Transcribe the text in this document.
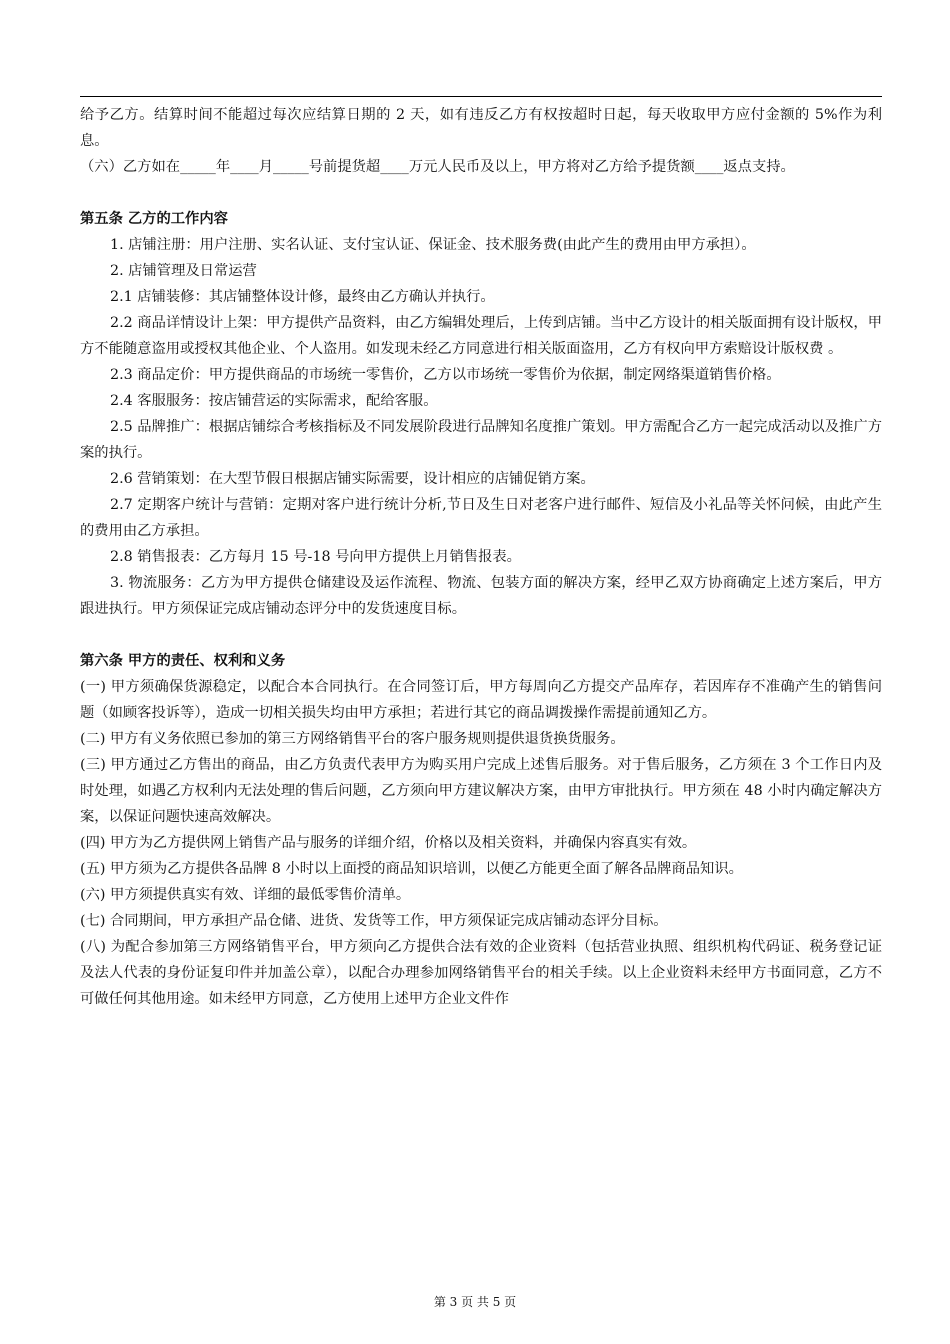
给予乙方。结算时间不能超过每次应结算日期的 2 天，如有违反乙方有权按超时日起，每天收取甲方应付金额的 5%作为利息。

（六）乙方如在_____年____月_____号前提货超____万元人民币及以上，甲方将对乙方给予提货额____返点支持。

第五条 乙方的工作内容

1. 店铺注册：用户注册、实名认证、支付宝认证、保证金、技术服务费(由此产生的费用由甲方承担）。

2. 店铺管理及日常运营

2.1 店铺装修：其店铺整体设计修，最终由乙方确认并执行。

2.2 商品详情设计上架：甲方提供产品资料，由乙方编辑处理后，上传到店铺。当中乙方设计的相关版面拥有设计版权，甲方不能随意盗用或授权其他企业、个人盗用。如发现未经乙方同意进行相关版面盗用，乙方有权向甲方索赔设计版权费 。

2.3 商品定价：甲方提供商品的市场统一零售价，乙方以市场统一零售价为依据，制定网络渠道销售价格。

2.4 客服服务：按店铺营运的实际需求，配给客服。

2.5 品牌推广：根据店铺综合考核指标及不同发展阶段进行品牌知名度推广策划。甲方需配合乙方一起完成活动以及推广方案的执行。

2.6 营销策划：在大型节假日根据店铺实际需要，设计相应的店铺促销方案。

2.7 定期客户统计与营销：定期对客户进行统计分析,节日及生日对老客户进行邮件、短信及小礼品等关怀问候，由此产生的费用由乙方承担。

2.8 销售报表：乙方每月 15 号-18 号向甲方提供上月销售报表。

3. 物流服务：乙方为甲方提供仓储建设及运作流程、物流、包装方面的解决方案，经甲乙双方协商确定上述方案后，甲方跟进执行。甲方须保证完成店铺动态评分中的发货速度目标。

第六条 甲方的责任、权利和义务

(一) 甲方须确保货源稳定，以配合本合同执行。在合同签订后，甲方每周向乙方提交产品库存，若因库存不准确产生的销售问题（如顾客投诉等），造成一切相关损失均由甲方承担；若进行其它的商品调拨操作需提前通知乙方。

(二) 甲方有义务依照已参加的第三方网络销售平台的客户服务规则提供退货换货服务。

(三) 甲方通过乙方售出的商品，由乙方负责代表甲方为购买用户完成上述售后服务。对于售后服务，乙方须在 3 个工作日内及时处理，如遇乙方权利内无法处理的售后问题，乙方须向甲方建议解决方案，由甲方审批执行。甲方须在 48 小时内确定解决方案，以保证问题快速高效解决。

(四) 甲方为乙方提供网上销售产品与服务的详细介绍，价格以及相关资料，并确保内容真实有效。

(五) 甲方须为乙方提供各品牌 8 小时以上面授的商品知识培训，以便乙方能更全面了解各品牌商品知识。

(六) 甲方须提供真实有效、详细的最低零售价清单。

(七) 合同期间，甲方承担产品仓储、进货、发货等工作，甲方须保证完成店铺动态评分目标。

(八) 为配合参加第三方网络销售平台，甲方须向乙方提供合法有效的企业资料（包括营业执照、组织机构代码证、税务登记证及法人代表的身份证复印件并加盖公章），以配合办理参加网络销售平台的相关手续。以上企业资料未经甲方书面同意，乙方不可做任何其他用途。如未经甲方同意，乙方使用上述甲方企业文件作

第 3 页 共 5 页
